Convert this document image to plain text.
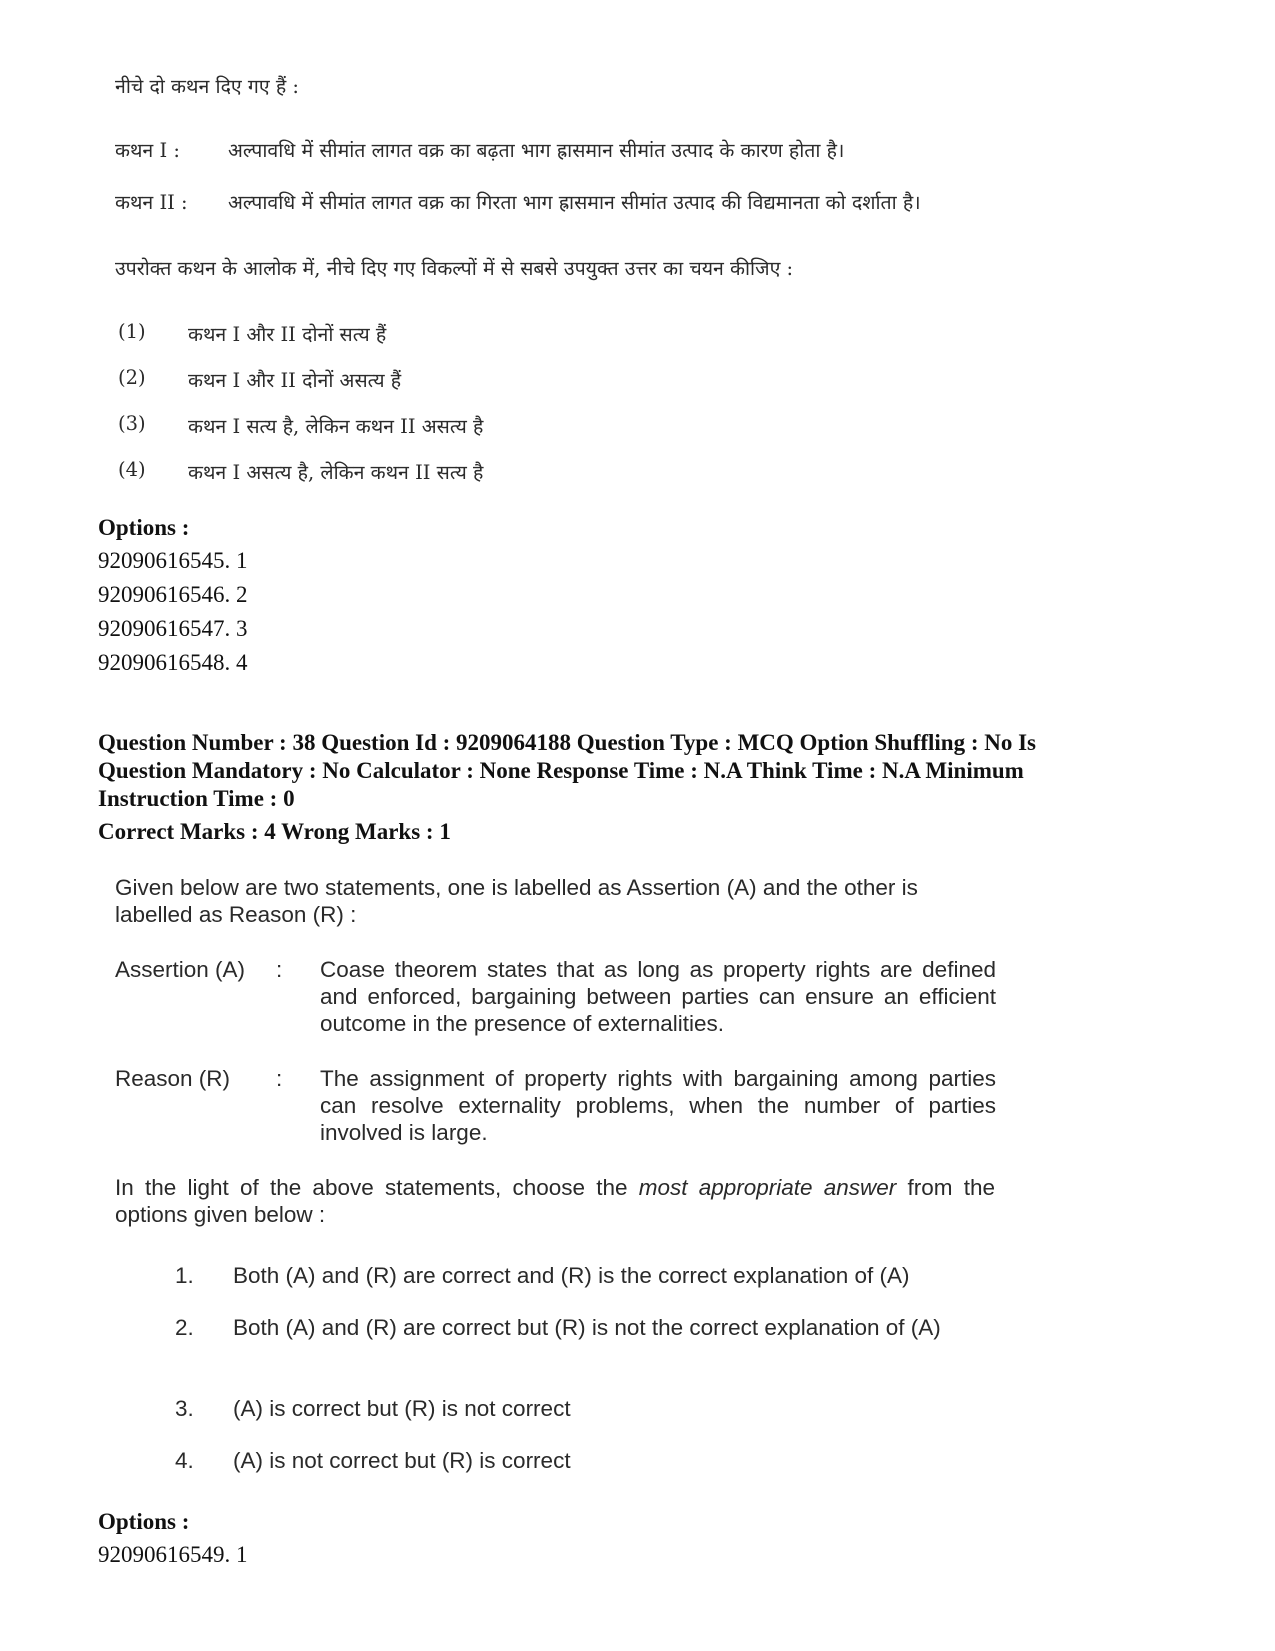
नीचे दो कथन दिए गए हैं :
कथन I : अल्पावधि में सीमांत लागत वक्र का बढ़ता भाग ह्रासमान सीमांत उत्पाद के कारण होता है।
कथन II : अल्पावधि में सीमांत लागत वक्र का गिरता भाग ह्रासमान सीमांत उत्पाद की विद्यमानता को दर्शाता है।
उपरोक्त कथन के आलोक में, नीचे दिए गए विकल्पों में से सबसे उपयुक्त उत्तर का चयन कीजिए :
(1) कथन I और II दोनों सत्य हैं
(2) कथन I और II दोनों असत्य हैं
(3) कथन I सत्य है, लेकिन कथन II असत्य है
(4) कथन I असत्य है, लेकिन कथन II सत्य है
Options :
92090616545. 1
92090616546. 2
92090616547. 3
92090616548. 4
Question Number : 38 Question Id : 9209064188 Question Type : MCQ Option Shuffling : No Is Question Mandatory : No Calculator : None Response Time : N.A Think Time : N.A Minimum Instruction Time : 0
Correct Marks : 4 Wrong Marks : 1
Given below are two statements, one is labelled as Assertion (A) and the other is labelled as Reason (R) :
Assertion (A) : Coase theorem states that as long as property rights are defined and enforced, bargaining between parties can ensure an efficient outcome in the presence of externalities.
Reason (R) : The assignment of property rights with bargaining among parties can resolve externality problems, when the number of parties involved is large.
In the light of the above statements, choose the most appropriate answer from the options given below :
1. Both (A) and (R) are correct and (R) is the correct explanation of (A)
2. Both (A) and (R) are correct but (R) is not the correct explanation of (A)
3. (A) is correct but (R) is not correct
4. (A) is not correct but (R) is correct
Options :
92090616549. 1
